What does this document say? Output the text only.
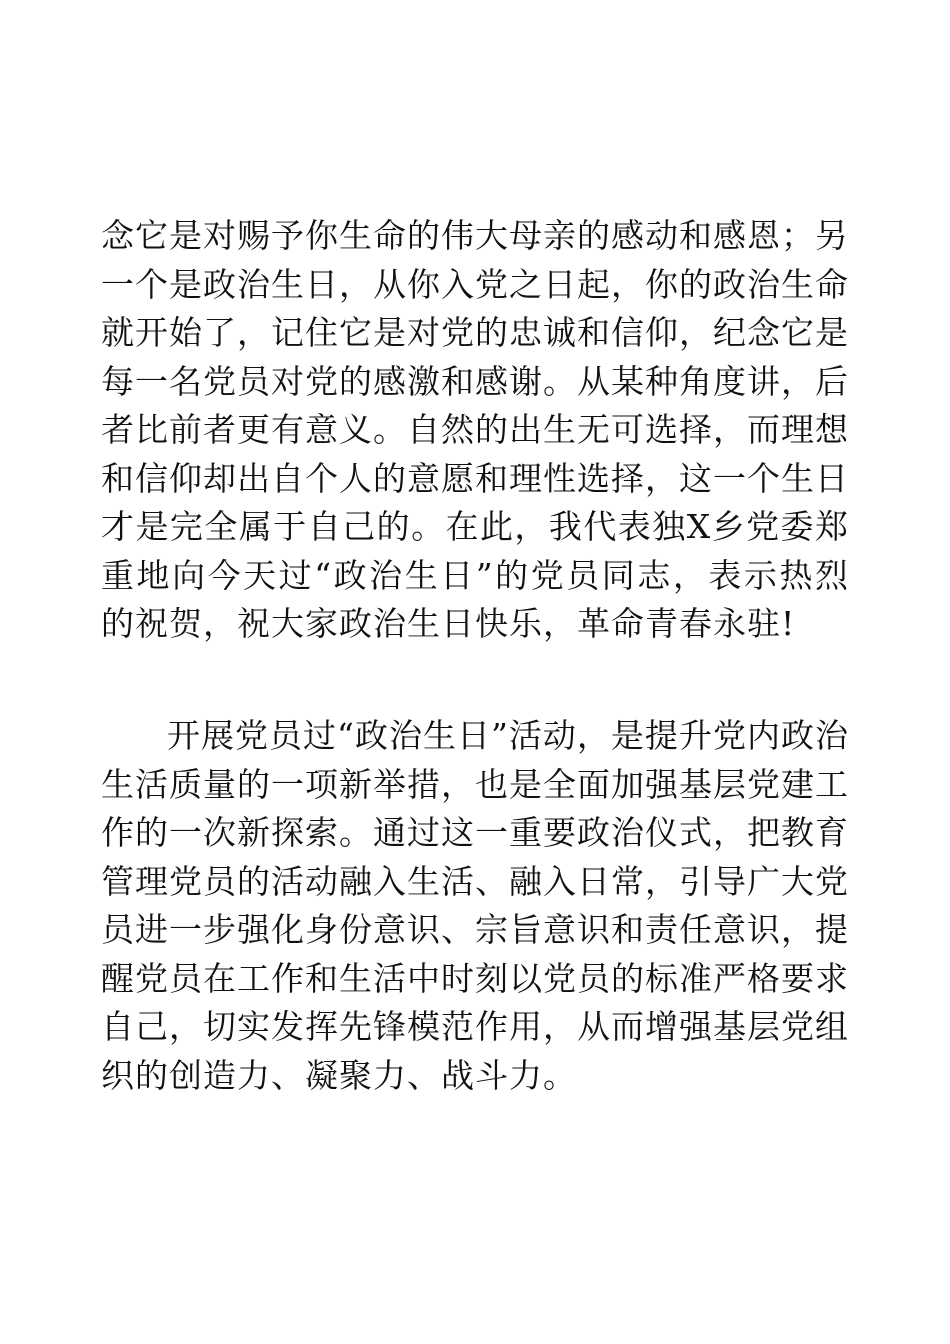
念它是对赐予你生命的伟大母亲的感动和感恩；另一个是政治生日，从你入党之日起，你的政治生命就开始了，记住它是对党的忠诚和信仰，纪念它是每一名党员对党的感激和感谢。从某种角度讲，后者比前者更有意义。自然的出生无可选择，而理想和信仰却出自个人的意愿和理性选择，这一个生日才是完全属于自己的。在此，我代表独X乡党委郑重地向今天过“政治生日”的党员同志，表示热烈的祝贺，祝大家政治生日快乐，革命青春永驻!

开展党员过“政治生日”活动，是提升党内政治生活质量的一项新举措，也是全面加强基层党建工作的一次新探索。通过这一重要政治仪式，把教育管理党员的活动融入生活、融入日常，引导广大党员进一步强化身份意识、宗旨意识和责任意识，提醒党员在工作和生活中时刻以党员的标准严格要求自己，切实发挥先锋模范作用，从而增强基层党组织的创造力、凝聚力、战斗力。
